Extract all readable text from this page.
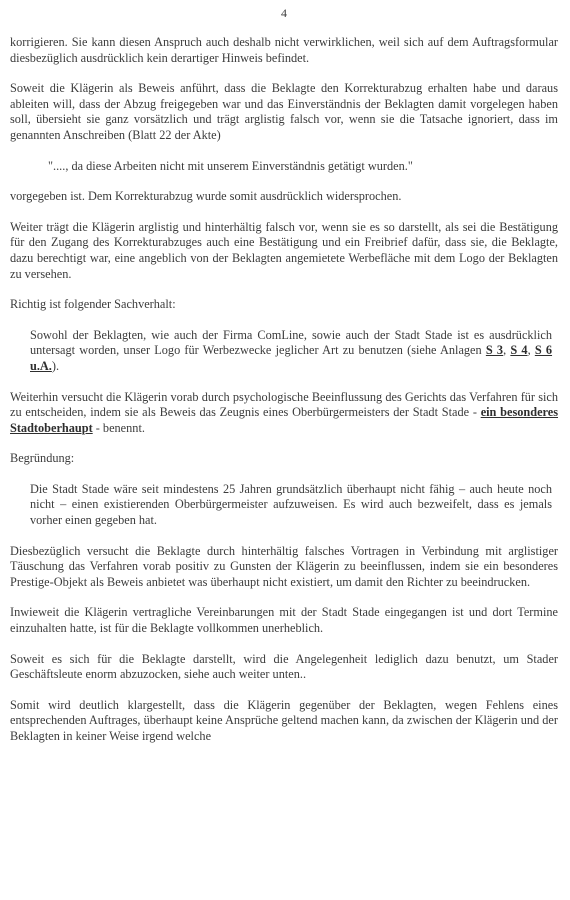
4

korrigieren. Sie kann diesen Anspruch auch deshalb nicht verwirklichen, weil sich auf dem Auftragsformular diesbezüglich ausdrücklich kein derartiger Hinweis befindet.

Soweit die Klägerin als Beweis anführt, dass die Beklagte den Korrekturabzug erhalten habe und daraus ableiten will, dass der Abzug freigegeben war und das Einverständnis der Beklagten damit vorgelegen haben soll, übersieht sie ganz vorsätzlich und trägt arglistig falsch vor, wenn sie die Tatsache ignoriert, dass im genannten Anschreiben (Blatt 22 der Akte)

"...., da diese Arbeiten nicht mit unserem Einverständnis getätigt wurden."

vorgegeben ist. Dem Korrekturabzug wurde somit ausdrücklich widersprochen.

Weiter trägt die Klägerin arglistig und hinterhältig falsch vor, wenn sie es so darstellt, als sei die Bestätigung für den Zugang des Korrekturabzuges auch eine Bestätigung und ein Freibrief dafür, dass sie, die Beklagte, dazu berechtigt war, eine angeblich von der Beklagten angemietete Werbefläche mit dem Logo der Beklagten zu versehen.

Richtig ist folgender Sachverhalt:

Sowohl der Beklagten, wie auch der Firma ComLine, sowie auch der Stadt Stade ist es ausdrücklich untersagt worden, unser Logo für Werbezwecke jeglicher Art zu benutzen (siehe Anlagen S 3, S 4, S 6 u.A.).

Weiterhin versucht die Klägerin vorab durch psychologische Beeinflussung des Gerichts das Verfahren für sich zu entscheiden, indem sie als Beweis das Zeugnis eines Oberbürgermeisters der Stadt Stade - ein besonderes Stadtoberhaupt - benennt.

Begründung:

Die Stadt Stade wäre seit mindestens 25 Jahren grundsätzlich überhaupt nicht fähig – auch heute noch nicht – einen existierenden Oberbürgermeister aufzuweisen. Es wird auch bezweifelt, dass es jemals vorher einen gegeben hat.

Diesbezüglich versucht die Beklagte durch hinterhältig falsches Vortragen in Verbindung mit arglistiger Täuschung das Verfahren vorab positiv zu Gunsten der Klägerin zu beeinflussen, indem sie ein besonderes Prestige-Objekt als Beweis anbietet was überhaupt nicht existiert, um damit den Richter zu beeindrucken.

Inwieweit die Klägerin vertragliche Vereinbarungen mit der Stadt Stade eingegangen ist und dort Termine einzuhalten hatte, ist für die Beklagte vollkommen unerheblich.

Soweit es sich für die Beklagte darstellt, wird die Angelegenheit lediglich dazu benutzt, um Stader Geschäftsleute enorm abzuzocken, siehe auch weiter unten..

Somit wird deutlich klargestellt, dass die Klägerin gegenüber der Beklagten, wegen Fehlens eines entsprechenden Auftrages, überhaupt keine Ansprüche geltend machen kann, da zwischen der Klägerin und der Beklagten in keiner Weise irgend welche
